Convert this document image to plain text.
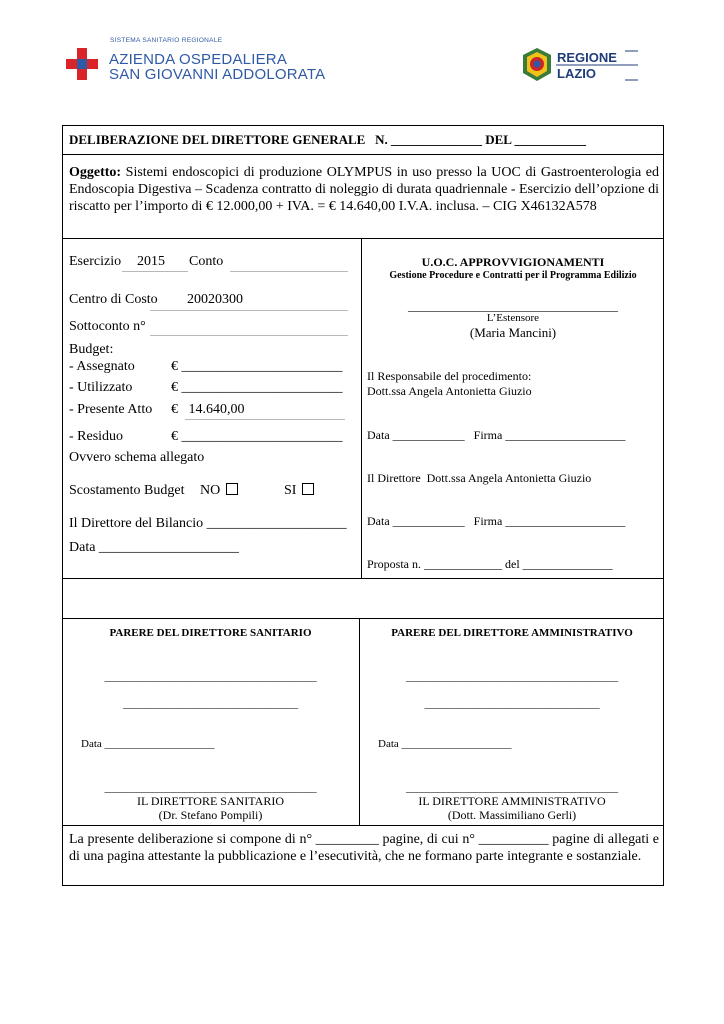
SISTEMA SANITARIO REGIONALE
AZIENDA OSPEDALIERA
SAN GIOVANNI ADDOLORATA
REGIONE
LAZIO
DELIBERAZIONE DEL DIRETTORE GENERALE   N. ______________ DEL ___________
Oggetto: Sistemi endoscopici di produzione OLYMPUS in uso presso la UOC di Gastroenterologia ed Endoscopia Digestiva – Scadenza contratto di noleggio di durata quadriennale - Esercizio dell’opzione di riscatto per l’importo di € 12.000,00 + IVA. = € 14.640,00 I.V.A. inclusa. – CIG X46132A578
Esercizio 2015 Conto
Centro di Costo 20020300
Sottoconto n°
Budget:
- Assegnato	€ _______________________
- Utilizzato	€ _______________________
- Presente Atto €   14.640,00
- Residuo	€ _______________________
Ovvero schema allegato
Scostamento Budget NO	SI
Il Direttore del Bilancio ____________________
Data ____________________
U.O.C. APPROVVIGIONAMENTI
Gestione Procedure e Contratti per il Programma Edilizio
___________________________________
L’Estensore
(Maria Mancini)
Il Responsabile del procedimento:
Dott.ssa Angela Antonietta Giuzio
Data ____________   Firma ____________________
Il Direttore  Dott.ssa Angela Antonietta Giuzio
Data ____________   Firma ____________________
Proposta n. _____________ del _______________
PARERE DEL DIRETTORE SANITARIO
________________________________________
_________________________________
Data ____________________
________________________________________
IL DIRETTORE SANITARIO
(Dr. Stefano Pompili)
PARERE DEL DIRETTORE AMMINISTRATIVO
________________________________________
_________________________________
Data ____________________
________________________________________
IL DIRETTORE AMMINISTRATIVO
(Dott. Massimiliano Gerli)
La presente deliberazione si compone di n° _________ pagine, di cui n° __________ pagine di allegati e di una pagina attestante la pubblicazione e l’esecutività, che ne formano parte integrante e sostanziale.
